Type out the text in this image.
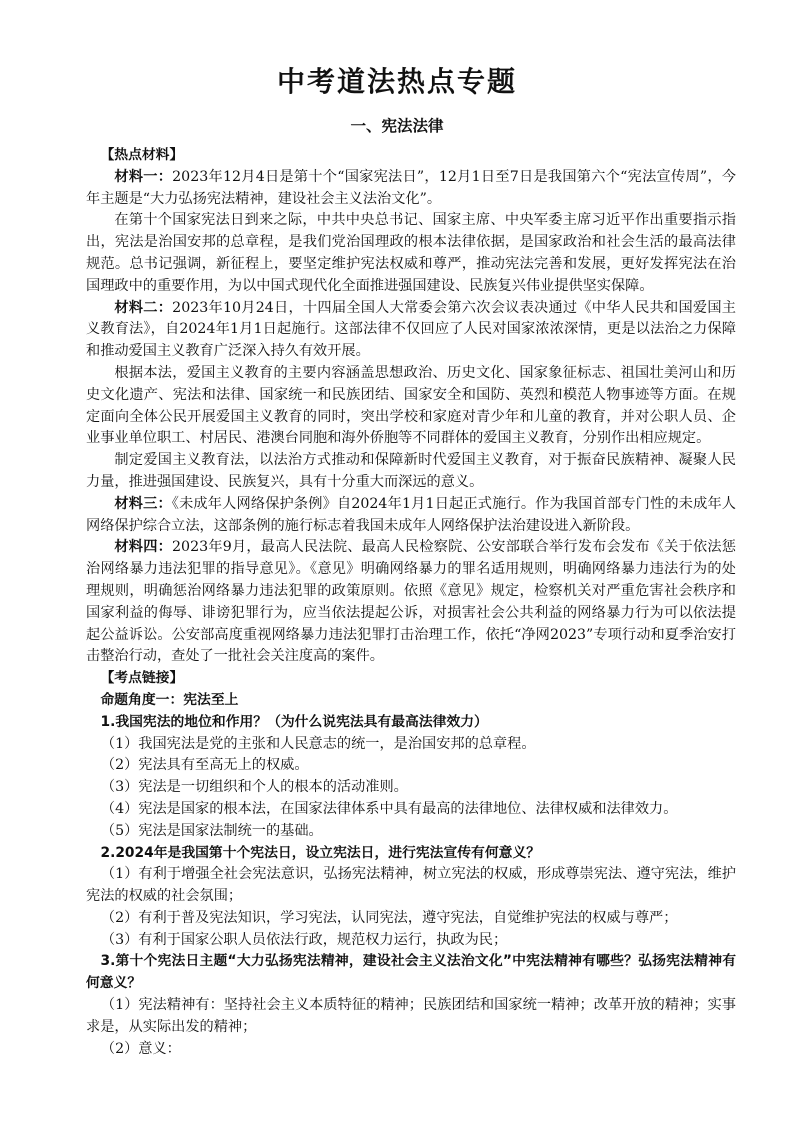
中考道法热点专题
一、宪法法律

【热点材料】

材料一：2023年12月4日是第十个“国家宪法日”，12月1日至7日是我国第六个“宪法宣传周”，今年主题是“大力弘扬宪法精神，建设社会主义法治文化”。

在第十个国家宪法日到来之际，中共中央总书记、国家主席、中央军委主席习近平作出重要指示指出，宪法是治国安邦的总章程，是我们党治国理政的根本法律依据，是国家政治和社会生活的最高法律规范。总书记强调，新征程上，要坚定维护宪法权威和尊严，推动宪法完善和发展，更好发挥宪法在治国理政中的重要作用，为以中国式现代化全面推进强国建设、民族复兴伟业提供坚实保障。

材料二：2023年10月24日，十四届全国人大常委会第六次会议表决通过《中华人民共和国爱国主义教育法》，自2024年1月1日起施行。这部法律不仅回应了人民对国家浓浓深情，更是以法治之力保障和推动爱国主义教育广泛深入持久有效开展。

根据本法，爱国主义教育的主要内容涵盖思想政治、历史文化、国家象征标志、祖国壮美河山和历史文化遗产、宪法和法律、国家统一和民族团结、国家安全和国防、英烈和模范人物事迹等方面。在规定面向全体公民开展爱国主义教育的同时，突出学校和家庭对青少年和儿童的教育，并对公职人员、企业事业单位职工、村居民、港澳台同胞和海外侨胞等不同群体的爱国主义教育，分别作出相应规定。

制定爱国主义教育法，以法治方式推动和保障新时代爱国主义教育，对于振奋民族精神、凝聚人民力量，推进强国建设、民族复兴，具有十分重大而深远的意义。

材料三：《未成年人网络保护条例》自2024年1月1日起正式施行。作为我国首部专门性的未成年人网络保护综合立法，这部条例的施行标志着我国未成年人网络保护法治建设进入新阶段。

材料四：2023年9月，最高人民法院、最高人民检察院、公安部联合举行发布会发布《关于依法惩治网络暴力违法犯罪的指导意见》。《意见》明确网络暴力的罪名适用规则，明确网络暴力违法行为的处理规则，明确惩治网络暴力违法犯罪的政策原则。依照《意见》规定，检察机关对严重危害社会秩序和国家利益的侮辱、诽谤犯罪行为，应当依法提起公诉，对损害社会公共利益的网络暴力行为可以依法提起公益诉讼。公安部高度重视网络暴力违法犯罪打击治理工作，依托“净网2023”专项行动和夏季治安打击整治行动，查处了一批社会关注度高的案件。

【考点链接】

命题角度一：宪法至上

1.我国宪法的地位和作用？（为什么说宪法具有最高法律效力）

（1）我国宪法是党的主张和人民意志的统一，是治国安邦的总章程。

（2）宪法具有至高无上的权威。

（3）宪法是一切组织和个人的根本的活动准则。

（4）宪法是国家的根本法，在国家法律体系中具有最高的法律地位、法律权威和法律效力。

（5）宪法是国家法制统一的基础。

2.2024年是我国第十个宪法日，设立宪法日，进行宪法宣传有何意义？

（1）有利于增强全社会宪法意识，弘扬宪法精神，树立宪法的权威，形成尊崇宪法、遵守宪法，维护宪法的权威的社会氛围；

（2）有利于普及宪法知识，学习宪法，认同宪法，遵守宪法，自觉维护宪法的权威与尊严；

（3）有利于国家公职人员依法行政，规范权力运行，执政为民；

3.第十个宪法日主题“大力弘扬宪法精神，建设社会主义法治文化”中宪法精神有哪些？弘扬宪法精神有何意义？

（1）宪法精神有：坚持社会主义本质特征的精神；民族团结和国家统一精神；改革开放的精神；实事求是，从实际出发的精神；

（2）意义：
